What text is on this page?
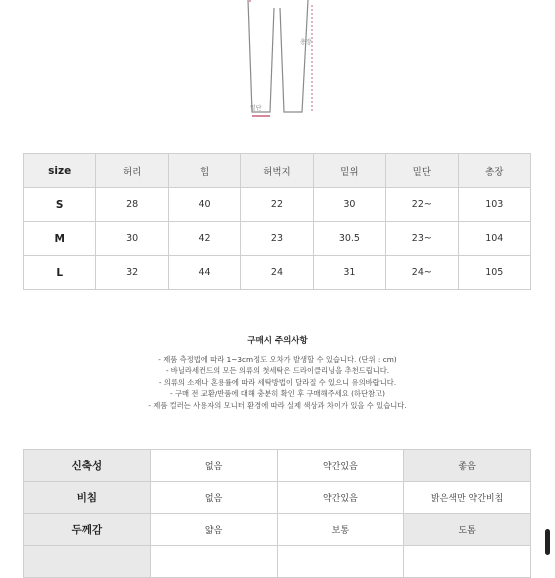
총장
밑단
size	허리	힙	허벅지	밑위	밑단	총장
S	28	40	22	30	22~	103
M	30	42	23	30.5	23~	104
L	32	44	24	31	24~	105
구매시 주의사항
- 제품 측정법에 따라 1~3cm정도 오차가 발생할 수 있습니다. (단위 : cm)
- 바닐라세컨드의 모든 의류의 첫세탁은 드라이클리닝을 추천드립니다.
- 의류의 소재나 혼용률에 따라 세탁방법이 달라질 수 있으니 유의바랍니다.
- 구매 전 교환/반품에 대해 충분히 확인 후 구매해주세요 (하단참고)
- 제품 컬러는 사용자의 모니터 환경에 따라 실제 색상과 차이가 있을 수 있습니다.
신축성	없음	약간있음	좋음
비침	없음	약간있음	밝은색만 약간비침
두께감	얇음	보통	도톰
